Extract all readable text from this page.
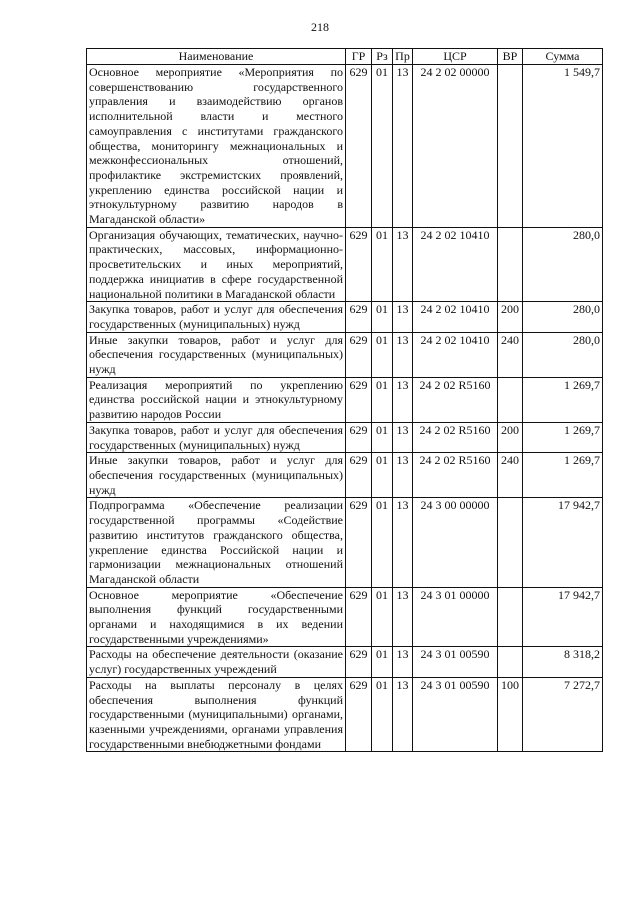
218
Наименование	ГР	Рз	Пр	ЦСР	ВР	Сумма
Основное мероприятие «Мероприятия по совершенствованию государственного управления и взаимодействию органов исполнительной власти и местного самоуправления с институтами гражданского общества, мониторингу межнациональных и межконфессиональных отношений, профилактике экстремистских проявлений, укреплению единства российской нации и этнокультурному развитию народов в Магаданской области»	629	01	13	24 2 02 00000		1 549,7
Организация обучающих, тематических, научно-практических, массовых, информационно-просветительских и иных мероприятий, поддержка инициатив в сфере государственной национальной политики в Магаданской области	629	01	13	24 2 02 10410		280,0
Закупка товаров, работ и услуг для обеспечения государственных (муниципальных) нужд	629	01	13	24 2 02 10410	200	280,0
Иные закупки товаров, работ и услуг для обеспечения государственных (муниципальных) нужд	629	01	13	24 2 02 10410	240	280,0
Реализация мероприятий по укреплению единства российской нации и этнокультурному развитию народов России	629	01	13	24 2 02 R5160		1 269,7
Закупка товаров, работ и услуг для обеспечения государственных (муниципальных) нужд	629	01	13	24 2 02 R5160	200	1 269,7
Иные закупки товаров, работ и услуг для обеспечения государственных (муниципальных) нужд	629	01	13	24 2 02 R5160	240	1 269,7
Подпрограмма «Обеспечение реализации государственной программы «Содействие развитию институтов гражданского общества, укрепление единства Российской нации и гармонизации межнациональных отношений Магаданской области	629	01	13	24 3 00 00000		17 942,7
Основное мероприятие «Обеспечение выполнения функций государственными органами и находящимися в их ведении государственными учреждениями»	629	01	13	24 3 01 00000		17 942,7
Расходы на обеспечение деятельности (оказание услуг) государственных учреждений	629	01	13	24 3 01 00590		8 318,2
Расходы на выплаты персоналу в целях обеспечения выполнения функций государственными (муниципальными) органами, казенными учреждениями, органами управления государственными внебюджетными фондами	629	01	13	24 3 01 00590	100	7 272,7
